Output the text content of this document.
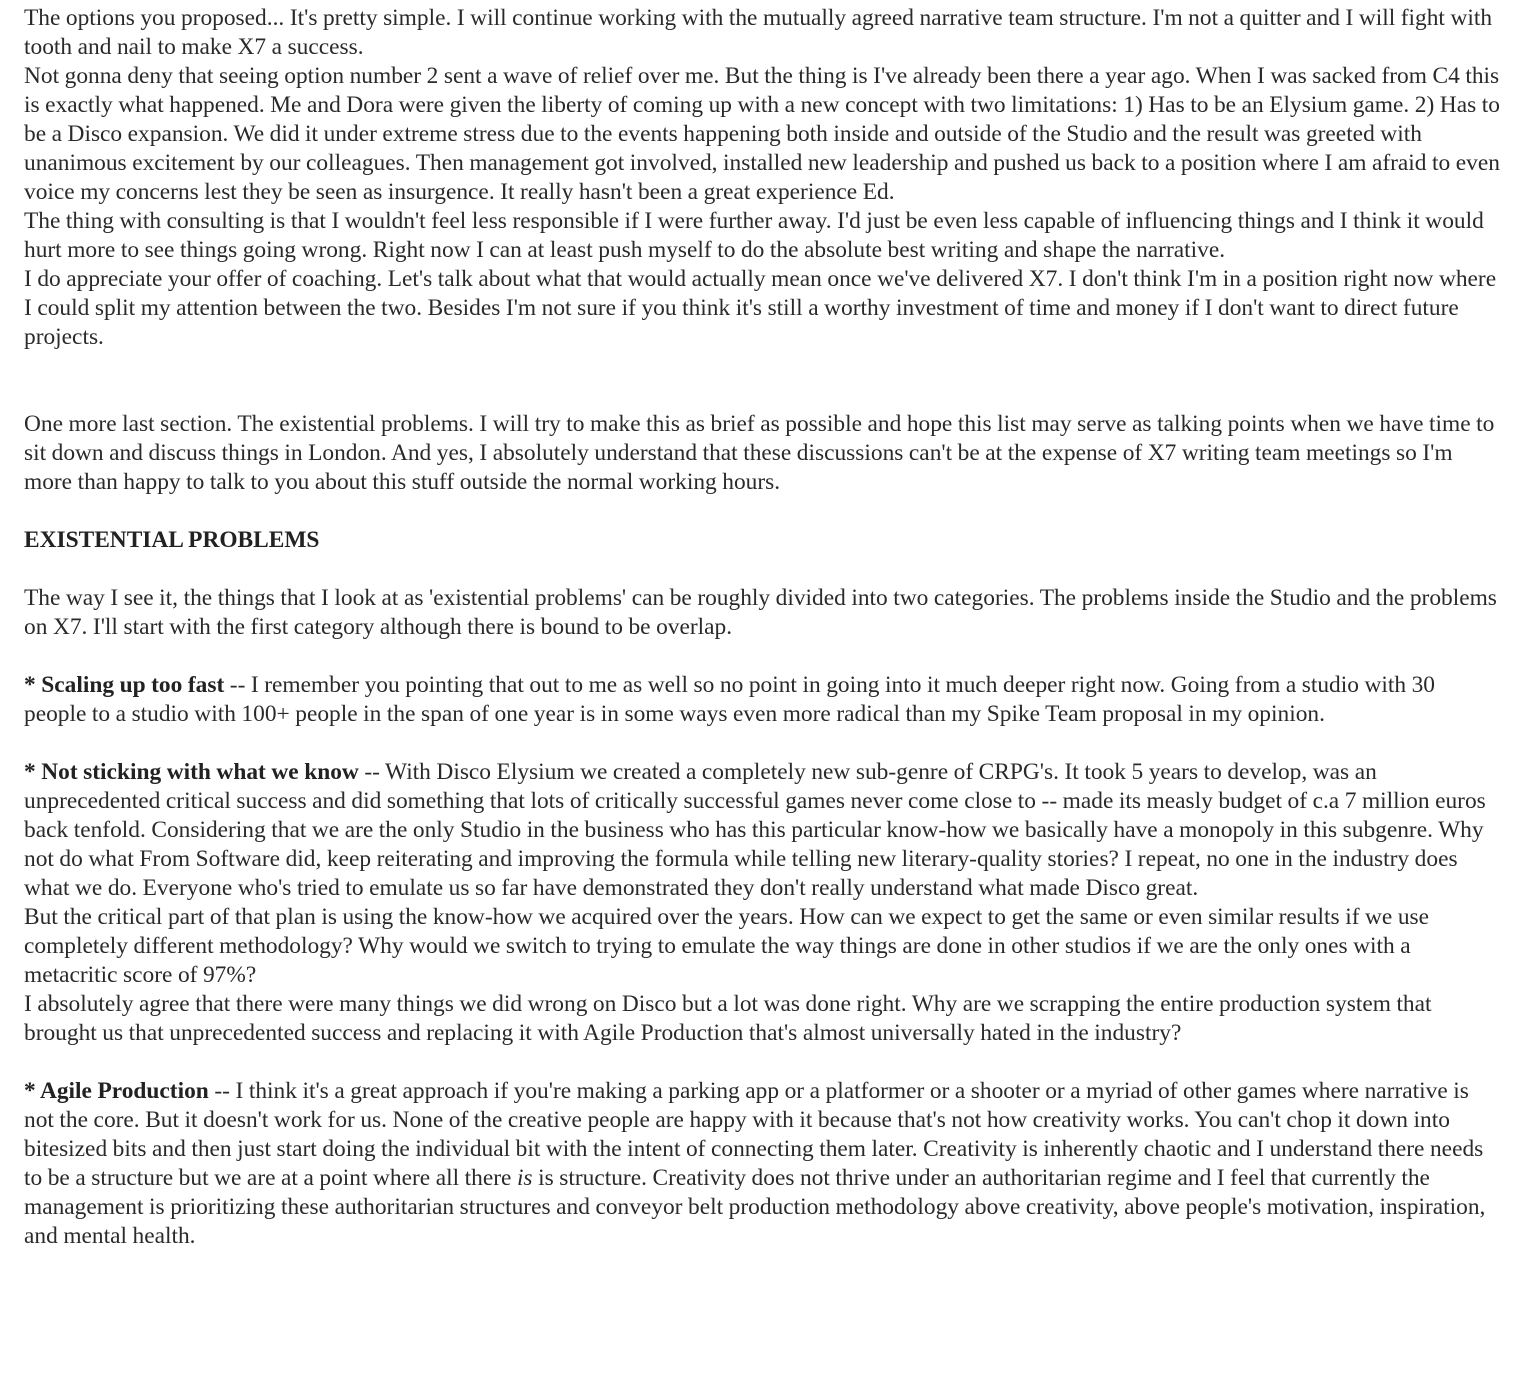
The options you proposed... It's pretty simple. I will continue working with the mutually agreed narrative team structure. I'm not a quitter and I will fight with tooth and nail to make X7 a success.

Not gonna deny that seeing option number 2 sent a wave of relief over me. But the thing is I've already been there a year ago. When I was sacked from C4 this is exactly what happened. Me and Dora were given the liberty of coming up with a new concept with two limitations: 1) Has to be an Elysium game. 2) Has to be a Disco expansion. We did it under extreme stress due to the events happening both inside and outside of the Studio and the result was greeted with unanimous excitement by our colleagues. Then management got involved, installed new leadership and pushed us back to a position where I am afraid to even voice my concerns lest they be seen as insurgence. It really hasn't been a great experience Ed.

The thing with consulting is that I wouldn't feel less responsible if I were further away. I'd just be even less capable of influencing things and I think it would hurt more to see things going wrong. Right now I can at least push myself to do the absolute best writing and shape the narrative.

I do appreciate your offer of coaching. Let's talk about what that would actually mean once we've delivered X7. I don't think I'm in a position right now where I could split my attention between the two. Besides I'm not sure if you think it's still a worthy investment of time and money if I don't want to direct future projects.

One more last section. The existential problems. I will try to make this as brief as possible and hope this list may serve as talking points when we have time to sit down and discuss things in London. And yes, I absolutely understand that these discussions can't be at the expense of X7 writing team meetings so I'm more than happy to talk to you about this stuff outside the normal working hours.

EXISTENTIAL PROBLEMS

The way I see it, the things that I look at as 'existential problems' can be roughly divided into two categories. The problems inside the Studio and the problems on X7. I'll start with the first category although there is bound to be overlap.

* Scaling up too fast -- I remember you pointing that out to me as well so no point in going into it much deeper right now. Going from a studio with 30 people to a studio with 100+ people in the span of one year is in some ways even more radical than my Spike Team proposal in my opinion.

* Not sticking with what we know -- With Disco Elysium we created a completely new sub-genre of CRPG's. It took 5 years to develop, was an unprecedented critical success and did something that lots of critically successful games never come close to -- made its measly budget of c.a 7 million euros back tenfold. Considering that we are the only Studio in the business who has this particular know-how we basically have a monopoly in this subgenre. Why not do what From Software did, keep reiterating and improving the formula while telling new literary-quality stories? I repeat, no one in the industry does what we do. Everyone who's tried to emulate us so far have demonstrated they don't really understand what made Disco great.

But the critical part of that plan is using the know-how we acquired over the years. How can we expect to get the same or even similar results if we use completely different methodology? Why would we switch to trying to emulate the way things are done in other studios if we are the only ones with a metacritic score of 97%?

I absolutely agree that there were many things we did wrong on Disco but a lot was done right. Why are we scrapping the entire production system that brought us that unprecedented success and replacing it with Agile Production that's almost universally hated in the industry?

* Agile Production -- I think it's a great approach if you're making a parking app or a platformer or a shooter or a myriad of other games where narrative is not the core. But it doesn't work for us. None of the creative people are happy with it because that's not how creativity works. You can't chop it down into bitesized bits and then just start doing the individual bit with the intent of connecting them later. Creativity is inherently chaotic and I understand there needs to be a structure but we are at a point where all there is is structure. Creativity does not thrive under an authoritarian regime and I feel that currently the management is prioritizing these authoritarian structures and conveyor belt production methodology above creativity, above people's motivation, inspiration, and mental health.
